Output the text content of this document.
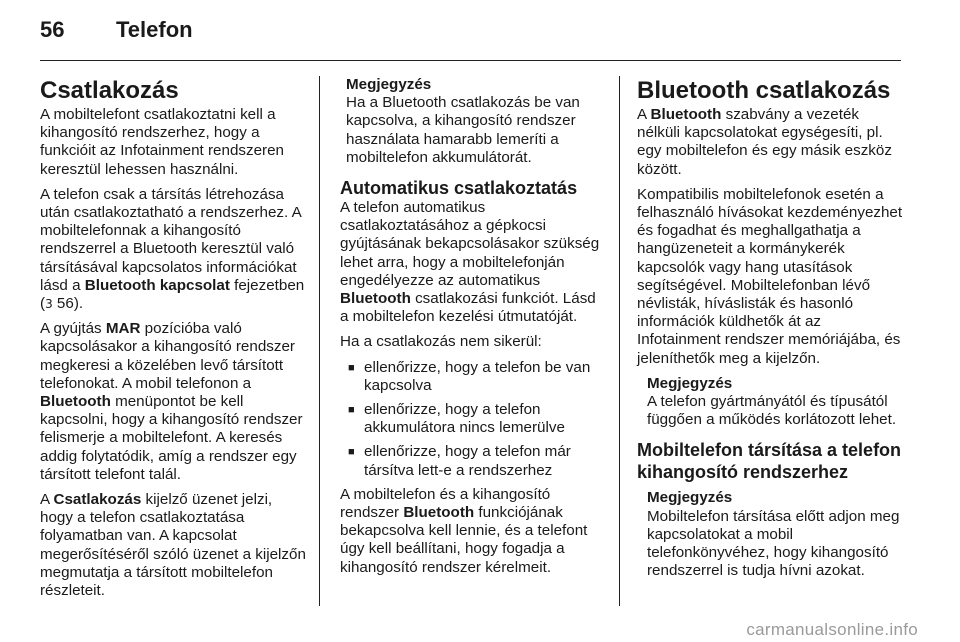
56 Telefon
Csatlakozás

A mobiltelefont csatlakoztatni kell a kihangosító rendszerhez, hogy a funkcióit az Infotainment rendszeren keresztül lehessen használni.

A telefon csak a társítás létrehozása után csatlakoztatható a rendszerhez. A mobiltelefonnak a kihangosító rendszerrel a Bluetooth keresztül való társításával kapcsolatos információkat lásd a Bluetooth kapcsolat fejezetben (3 56).

A gyújtás MAR pozícióba való kapcsolásakor a kihangosító rendszer megkeresi a közelében levő társított telefonokat. A mobil telefonon a Bluetooth menüpontot be kell kapcsolni, hogy a kihangosító rendszer felismerje a mobiltelefont. A keresés addig folytatódik, amíg a rendszer egy társított telefont talál.

A Csatlakozás kijelző üzenet jelzi, hogy a telefon csatlakoztatása folyamatban van. A kapcsolat megerősítéséről szóló üzenet a kijelzőn megmutatja a társított mobiltelefon részleteit.

Megjegyzés
Ha a Bluetooth csatlakozás be van kapcsolva, a kihangosító rendszer használata hamarabb lemeríti a mobiltelefon akkumulátorát.
Automatikus csatlakoztatás

A telefon automatikus csatlakoztatásához a gépkocsi gyújtásának bekapcsolásakor szükség lehet arra, hogy a mobiltelefonján engedélyezze az automatikus Bluetooth csatlakozási funkciót. Lásd a mobiltelefon kezelési útmutatóját.

Ha a csatlakozás nem sikerül:

■ ellenőrizze, hogy a telefon be van kapcsolva
■ ellenőrizze, hogy a telefon akkumulátora nincs lemerülve
■ ellenőrizze, hogy a telefon már társítva lett-e a rendszerhez

A mobiltelefon és a kihangosító rendszer Bluetooth funkciójának bekapcsolva kell lennie, és a telefont úgy kell beállítani, hogy fogadja a kihangosító rendszer kérelmeit.

Bluetooth csatlakozás

A Bluetooth szabvány a vezeték nélküli kapcsolatokat egységesíti, pl. egy mobiltelefon és egy másik eszköz között.

Kompatibilis mobiltelefonok esetén a felhasználó hívásokat kezdeményezhet és fogadhat és meghallgathatja a hangüzeneteit a kormánykerék kapcsolók vagy hang utasítások segítségével. Mobiltelefonban lévő névlisták, híváslisták és hasonló információk küldhetők át az Infotainment rendszer memóriájába, és jeleníthetők meg a kijelzőn.

Megjegyzés
A telefon gyártmányától és típusától függően a működés korlátozott lehet.
Mobiltelefon társítása a telefon kihangosító rendszerhez
Megjegyzés
Mobiltelefon társítása előtt adjon meg kapcsolatokat a mobil telefonkönyvéhez, hogy kihangosító rendszerrel is tudja hívni azokat.
carmanualsonline.info
